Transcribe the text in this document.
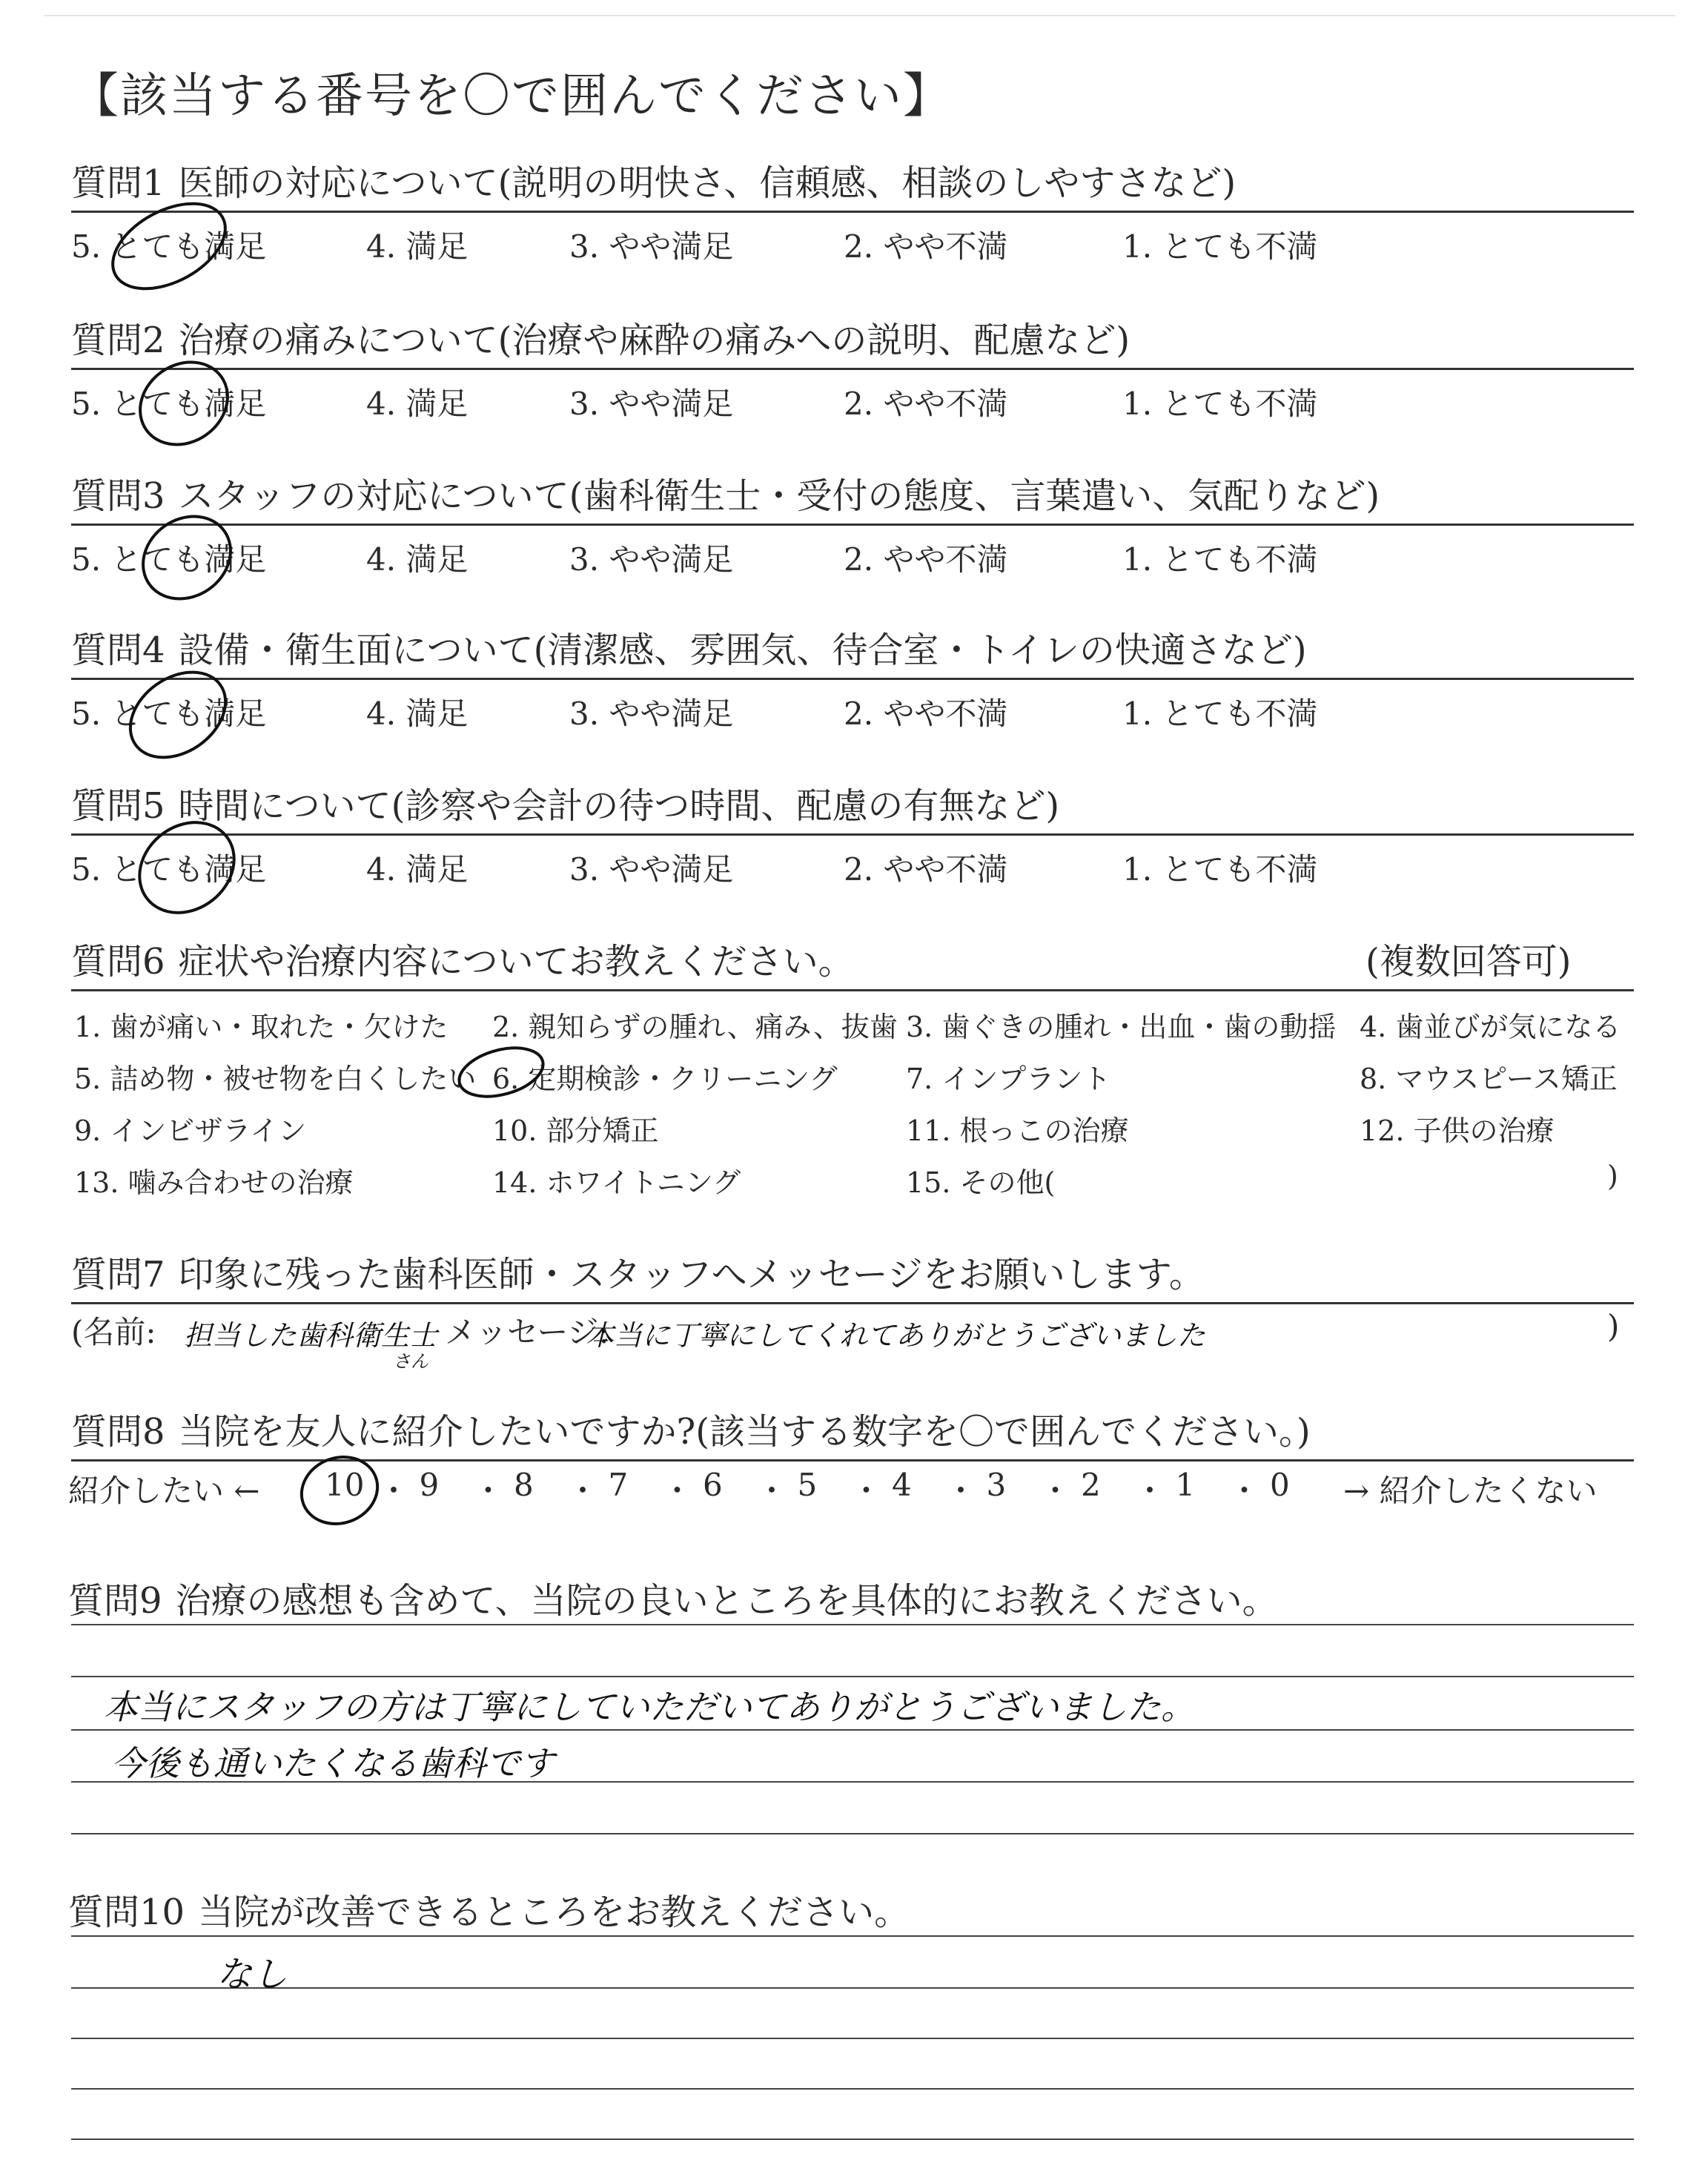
【該当する番号を〇で囲んでください】
質問1 医師の対応について(説明の明快さ、信頼感、相談のしやすさなど)
5. とても満足	4. 満足	3. やや満足	2. やや不満	1. とても不満
質問2 治療の痛みについて(治療や麻酔の痛みへの説明、配慮など)
5. とても満足	4. 満足	3. やや満足	2. やや不満	1. とても不満
質問3 スタッフの対応について(歯科衛生士・受付の態度、言葉遣い、気配りなど)
5. とても満足	4. 満足	3. やや満足	2. やや不満	1. とても不満
質問4 設備・衛生面について(清潔感、雰囲気、待合室・トイレの快適さなど)
5. とても満足	4. 満足	3. やや満足	2. やや不満	1. とても不満
質問5 時間について(診察や会計の待つ時間、配慮の有無など)
5. とても満足	4. 満足	3. やや満足	2. やや不満	1. とても不満
質問6 症状や治療内容についてお教えください。	(複数回答可)
1. 歯が痛い・取れた・欠けた 2. 親知らずの腫れ、痛み、抜歯 3. 歯ぐきの腫れ・出血・歯の動揺 4. 歯並びが気になる
5. 詰め物・被せ物を白くしたい 6. 定期検診・クリーニング 7. インプラント	8. マウスピース矯正
9. インビザライン	10. 部分矯正	11. 根っこの治療	12. 子供の治療
13. 噛み合わせの治療	14. ホワイトニング	15. その他(	)
質問7 印象に残った歯科医師・スタッフへメッセージをお願いします。
(名前: 担当した歯科衛生士
さん
メッセージ:
本当に丁寧にしてくれてありがとうございました	)
質問8 当院を友人に紹介したいですか?(該当する数字を〇で囲んでください。)
紹介したい ← 10 ・ 9 ・ 8 ・ 7 ・ 6 ・ 5 ・ 4 ・ 3 ・ 2 ・ 1 ・ 0 → 紹介したくない
質問9 治療の感想も含めて、当院の良いところを具体的にお教えください。
本当にスタッフの方は丁寧にしていただいてありがとうございました。
今後も通いたくなる歯科です
質問10 当院が改善できるところをお教えください。
なし
